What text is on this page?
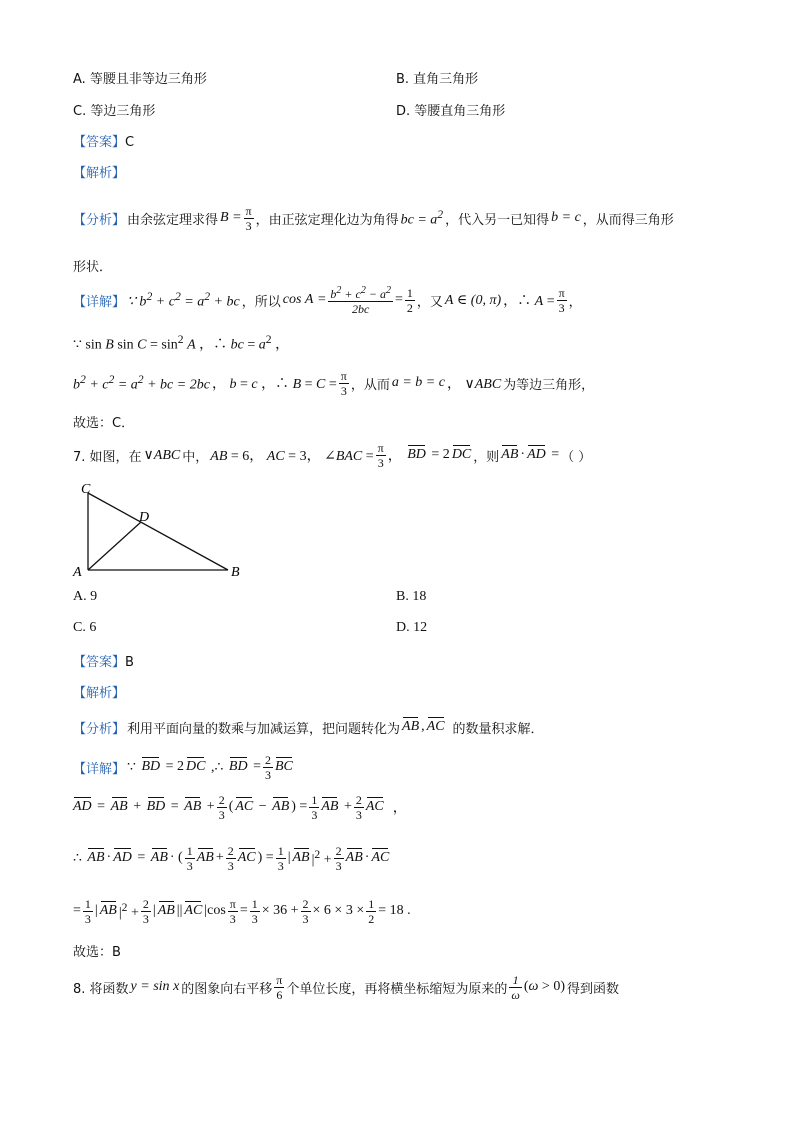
A. 等腰且非等边三角形	B. 直角三角形
C. 等边三角形	D. 等腰直角三角形
【答案】C
【解析】
【分析】 由余弦定理求得 $B = \frac{\pi}{3}$ ，由正弦定理化边为角得 bc = $a^2$ ，代入另一已知得 b = c ，从而得三角形
形状．
【详解】 ∵ $b^2 + c^2 = a^2$ + bc ，所以 $\cos A = \frac{b^2 + c^2 - a^2}{2bc} = \frac{1}{2}$ ，又 A ∈ (0, π) ，∴ $A = \frac{\pi}{3}$ ，
∵ sin B $\sin C = \sin^2 A$ ，∴ bc = $a^2$ ，
$b^2 + c^2 = a^2$ + bc = 2bc ， b = c ，∴ $B = C = \frac{\pi}{3}$ ，从而 a = b = c ， ∨ABC 为等边三角形，
故选：C．
7. 如图，在 ∨ABC 中， AB = 6， AC = 3， ∠BAC = $\frac{\pi}{3}$ ， BD = 2 DC ，则 AB · AD = （ ）
C
D
A	B
A. 9	B. 18
C. 6	D. 12
【答案】B
【解析】
【分析】 利用平面向量的数乘与加减运算，把问题转化为 AB , AC 的数量积求解．
【详解】 ∵ BD = 2 DC ,∴ BD = $\frac{2}{3}$ BC
AD = AB + BD = AB + $\frac{2}{3}$ ( AC − AB ) = $\frac{1}{3}$ AB + $\frac{2}{3}$ AC ，
∴ AB · AD = AB · ( $\frac{1}{3}$ AB + $\frac{2}{3}$ AC ) = $\frac{1}{3}$ | AB $|^2 + \frac{2}{3}$ AB · AC
= $\frac{1}{3}$ | AB $|^2 + \frac{2}{3}$ | AB || AC $|\cos \frac{\pi}{3} = \frac{1}{3} \times 36 + \frac{2}{3} \times 6 \times 3 \times \frac{1}{2} = 18$ .
故选：B
8. 将函数 y = sin x 的图象向右平移 $\frac{\pi}{6}$ 个单位长度，再将横坐标缩短为原来的 $\frac{1}{\omega} (\omega > 0)$ 得到函数
